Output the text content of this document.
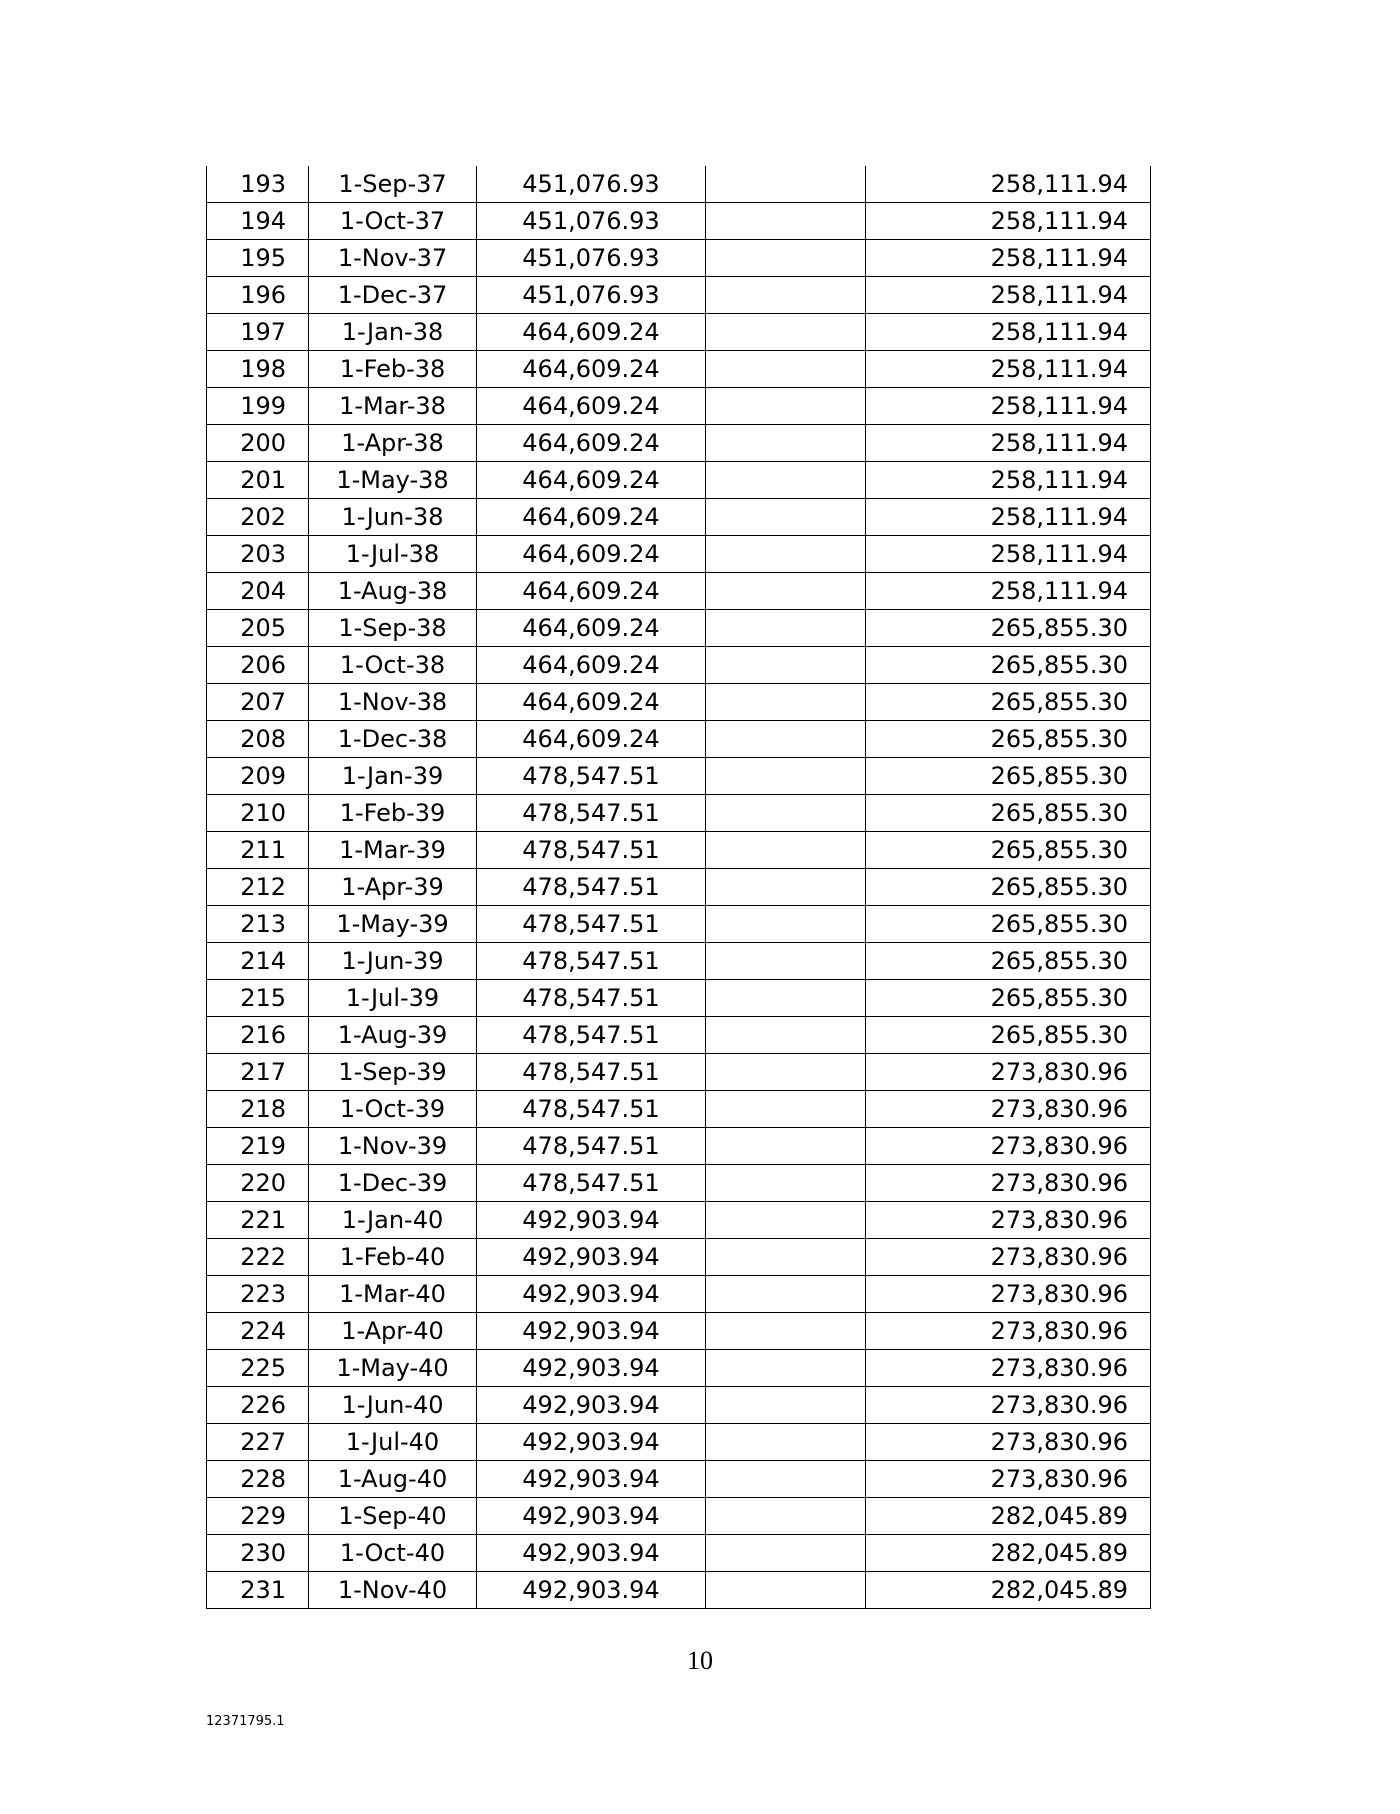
193	1-Sep-37	451,076.93		258,111.94
194	1-Oct-37	451,076.93		258,111.94
195	1-Nov-37	451,076.93		258,111.94
196	1-Dec-37	451,076.93		258,111.94
197	1-Jan-38	464,609.24		258,111.94
198	1-Feb-38	464,609.24		258,111.94
199	1-Mar-38	464,609.24		258,111.94
200	1-Apr-38	464,609.24		258,111.94
201	1-May-38	464,609.24		258,111.94
202	1-Jun-38	464,609.24		258,111.94
203	1-Jul-38	464,609.24		258,111.94
204	1-Aug-38	464,609.24		258,111.94
205	1-Sep-38	464,609.24		265,855.30
206	1-Oct-38	464,609.24		265,855.30
207	1-Nov-38	464,609.24		265,855.30
208	1-Dec-38	464,609.24		265,855.30
209	1-Jan-39	478,547.51		265,855.30
210	1-Feb-39	478,547.51		265,855.30
211	1-Mar-39	478,547.51		265,855.30
212	1-Apr-39	478,547.51		265,855.30
213	1-May-39	478,547.51		265,855.30
214	1-Jun-39	478,547.51		265,855.30
215	1-Jul-39	478,547.51		265,855.30
216	1-Aug-39	478,547.51		265,855.30
217	1-Sep-39	478,547.51		273,830.96
218	1-Oct-39	478,547.51		273,830.96
219	1-Nov-39	478,547.51		273,830.96
220	1-Dec-39	478,547.51		273,830.96
221	1-Jan-40	492,903.94		273,830.96
222	1-Feb-40	492,903.94		273,830.96
223	1-Mar-40	492,903.94		273,830.96
224	1-Apr-40	492,903.94		273,830.96
225	1-May-40	492,903.94		273,830.96
226	1-Jun-40	492,903.94		273,830.96
227	1-Jul-40	492,903.94		273,830.96
228	1-Aug-40	492,903.94		273,830.96
229	1-Sep-40	492,903.94		282,045.89
230	1-Oct-40	492,903.94		282,045.89
231	1-Nov-40	492,903.94		282,045.89
10
12371795.1
